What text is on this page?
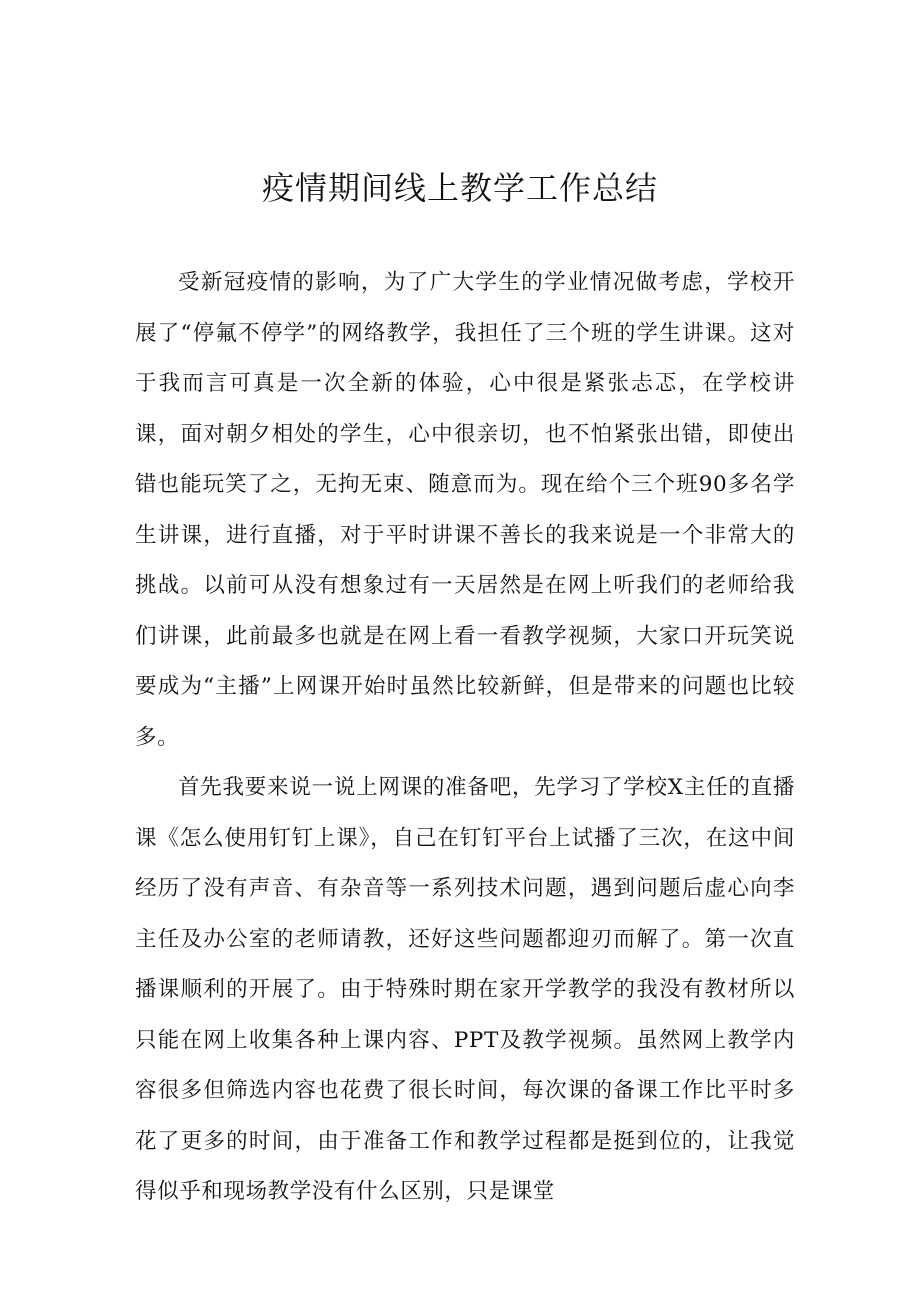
疫情期间线上教学工作总结

受新冠疫情的影响，为了广大学生的学业情况做考虑，学校开展了“停氟不停学”的网络教学，我担任了三个班的学生讲课。这对于我而言可真是一次全新的体验，心中很是紧张忐忑，在学校讲课，面对朝夕相处的学生，心中很亲切，也不怕紧张出错，即使出错也能玩笑了之，无拘无束、随意而为。现在给个三个班90多名学生讲课，进行直播，对于平时讲课不善长的我来说是一个非常大的挑战。以前可从没有想象过有一天居然是在网上听我们的老师给我们讲课，此前最多也就是在网上看一看教学视频，大家口开玩笑说要成为“主播”上网课开始时虽然比较新鲜，但是带来的问题也比较多。

首先我要来说一说上网课的准备吧，先学习了学校X主任的直播课《怎么使用钉钉上课》，自己在钉钉平台上试播了三次，在这中间经历了没有声音、有杂音等一系列技术问题，遇到问题后虚心向李主任及办公室的老师请教，还好这些问题都迎刃而解了。第一次直播课顺利的开展了。由于特殊时期在家开学教学的我没有教材所以只能在网上收集各种上课内容、PPT及教学视频。虽然网上教学内容很多但筛选内容也花费了很长时间，每次课的备课工作比平时多花了更多的时间，由于准备工作和教学过程都是挺到位的，让我觉得似乎和现场教学没有什么区别，只是课堂
